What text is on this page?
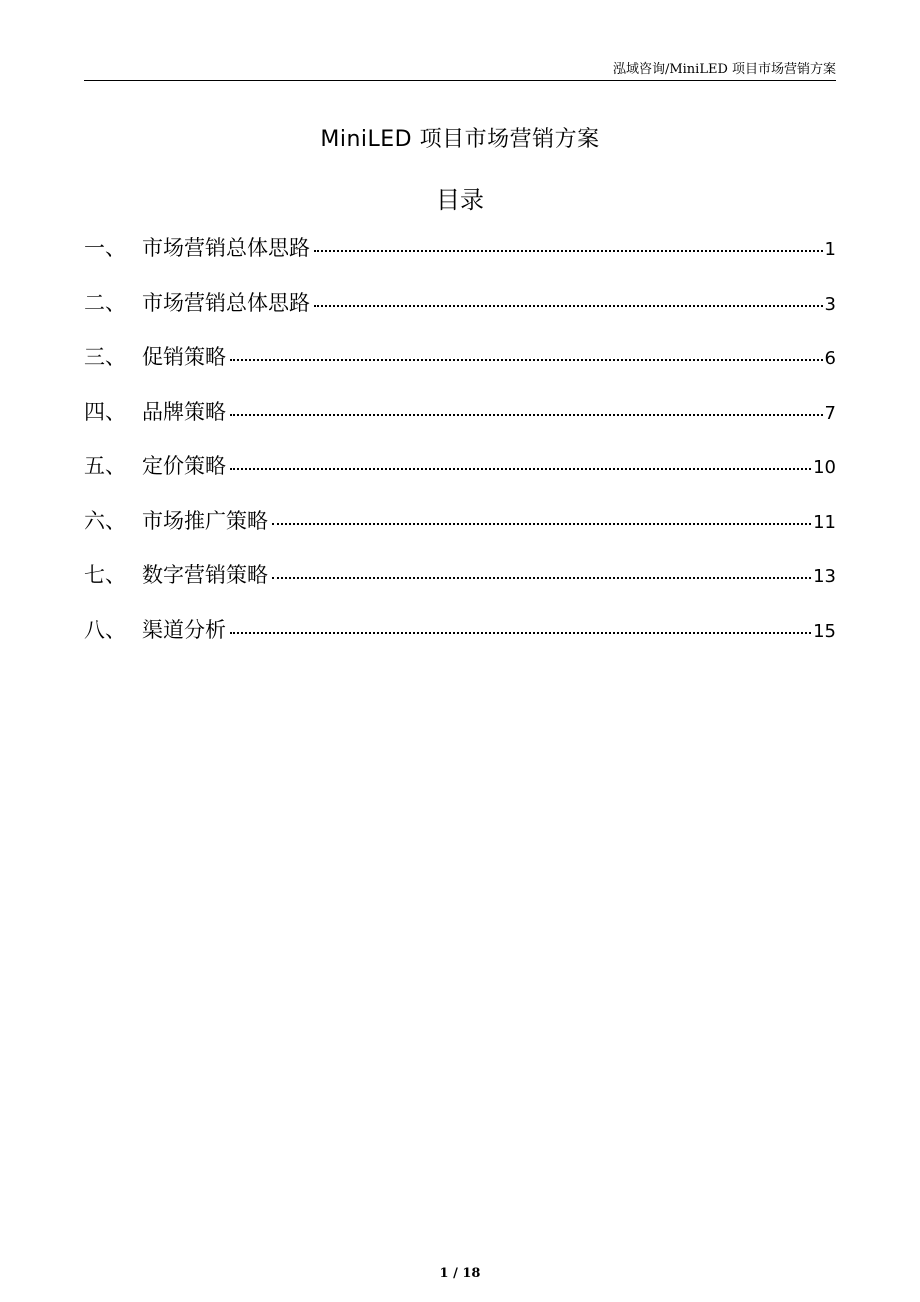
泓域咨询/MiniLED 项目市场营销方案
MiniLED 项目市场营销方案
目录
一、 市场营销总体思路	1
二、 市场营销总体思路	3
三、 促销策略	6
四、 品牌策略	7
五、 定价策略	10
六、 市场推广策略	11
七、 数字营销策略	13
八、 渠道分析	15
1 / 18
